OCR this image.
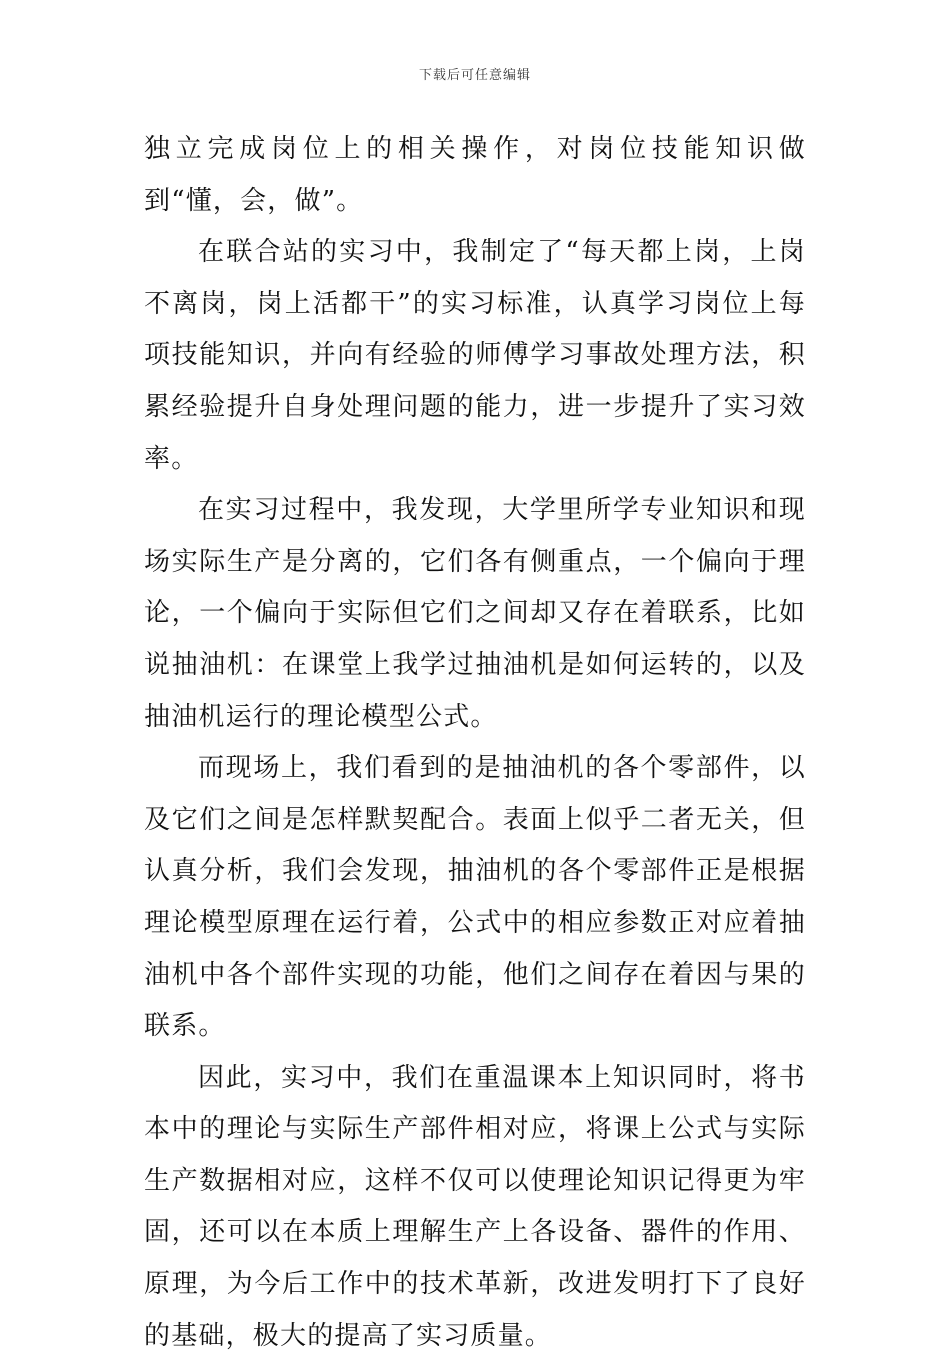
下载后可任意编辑

独立完成岗位上的相关操作，对岗位技能知识做到“懂，会，做”。

在联合站的实习中，我制定了“每天都上岗，上岗不离岗，岗上活都干”的实习标准，认真学习岗位上每项技能知识，并向有经验的师傅学习事故处理方法，积累经验提升自身处理问题的能力，进一步提升了实习效率。

在实习过程中，我发现，大学里所学专业知识和现场实际生产是分离的，它们各有侧重点，一个偏向于理论，一个偏向于实际但它们之间却又存在着联系，比如说抽油机：在课堂上我学过抽油机是如何运转的，以及抽油机运行的理论模型公式。

而现场上，我们看到的是抽油机的各个零部件，以及它们之间是怎样默契配合。表面上似乎二者无关，但认真分析，我们会发现，抽油机的各个零部件正是根据理论模型原理在运行着，公式中的相应参数正对应着抽油机中各个部件实现的功能，他们之间存在着因与果的联系。

因此，实习中，我们在重温课本上知识同时，将书本中的理论与实际生产部件相对应，将课上公式与实际生产数据相对应，这样不仅可以使理论知识记得更为牢固，还可以在本质上理解生产上各设备、器件的作用、原理，为今后工作中的技术革新，改进发明打下了良好的基础，极大的提高了实习质量。
